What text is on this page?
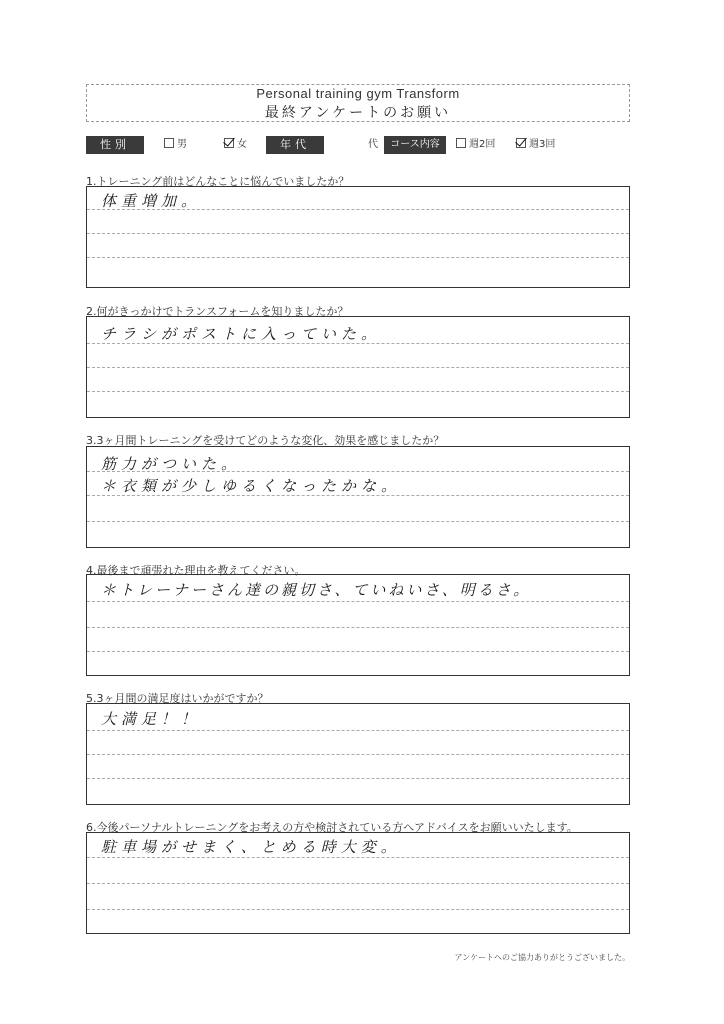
Personal training gym Transform
最終アンケートのお願い
性別	男	女	年代	代	コース内容	週2回	週3回
1.トレーニング前はどんなことに悩んでいましたか？
体重増加。
2.何がきっかけでトランスフォームを知りましたか？
チラシがポストに入っていた。
3.3ヶ月間トレーニングを受けてどのような変化、効果を感じましたか？
筋力がついた。
＊衣類が少しゆるくなったかな。
4.最後まで頑張れた理由を教えてください。
＊トレーナーさん達の親切さ、ていねいさ、明るさ。
5.3ヶ月間の満足度はいかがですか？
大満足！！
6.今後パーソナルトレーニングをお考えの方や検討されている方へアドバイスをお願いいたします。
駐車場がせまく、とめる時大変。
アンケートへのご協力ありがとうございました。
